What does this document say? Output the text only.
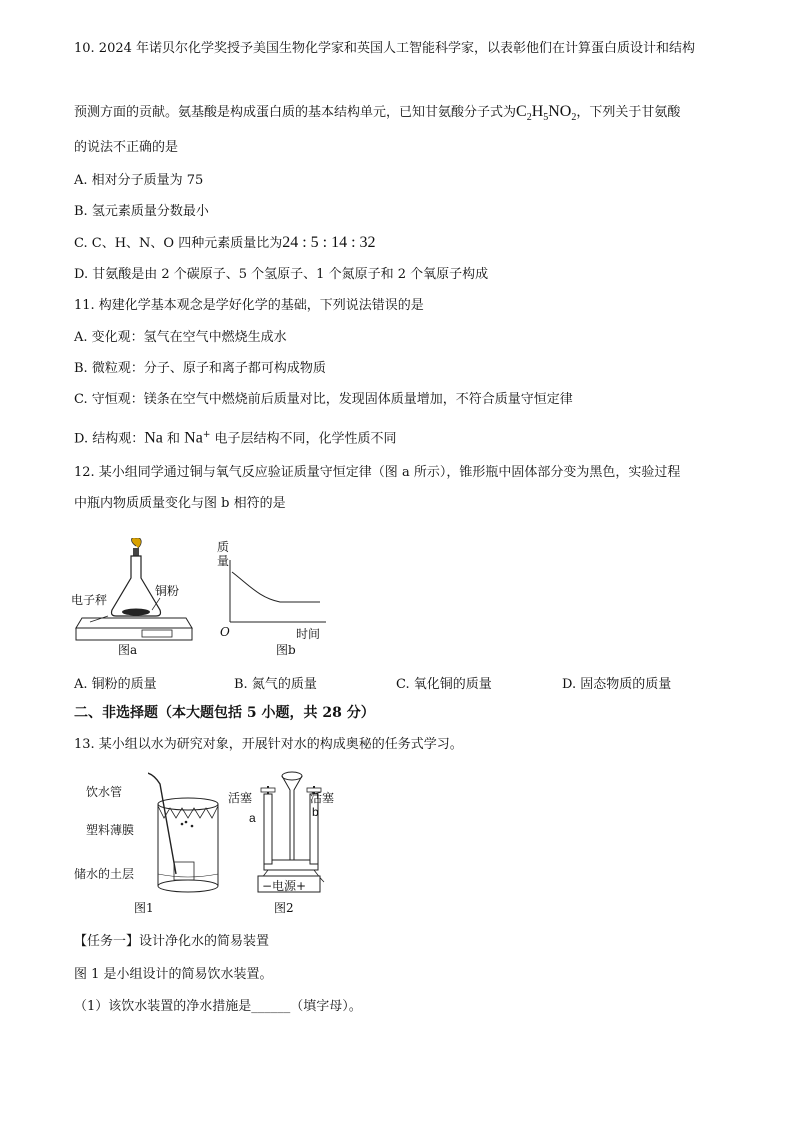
10. 2024 年诺贝尔化学奖授予美国生物化学家和英国人工智能科学家，以表彰他们在计算蛋白质设计和结构
预测方面的贡献。氨基酸是构成蛋白质的基本结构单元，已知甘氨酸分子式为$C_2H_5NO_2$，下列关于甘氨酸
的说法不正确的是
A. 相对分子质量为 75
B. 氢元素质量分数最小
C. C、H、N、O 四种元素质量比为24 : 5 : 14 : 32
D. 甘氨酸是由 2 个碳原子、5 个氢原子、1 个氮原子和 2 个氧原子构成
11. 构建化学基本观念是学好化学的基础，下列说法错误的是
A. 变化观：氢气在空气中燃烧生成水
B. 微粒观：分子、原子和离子都可构成物质
C. 守恒观：镁条在空气中燃烧前后质量对比，发现固体质量增加，不符合质量守恒定律
D. 结构观：Na 和 Na+ 电子层结构不同，化学性质不同
12. 某小组同学通过铜与氧气反应验证质量守恒定律（图 a 所示），锥形瓶中固体部分变为黑色，实验过程
中瓶内物质质量变化与图 b 相符的是
电子秤
铜粉
图a
质
量
O	时间
图b
A. 铜粉的质量	B. 氮气的质量	C. 氧化铜的质量	D. 固态物质的质量
二、非选择题（本大题包括 5 小题，共 28 分）
13. 某小组以水为研究对象，开展针对水的构成奥秘的任务式学习。
饮水管
塑料薄膜
储水的土层
图1
活塞	活塞
a	b
−电源+
图2
【任务一】设计净化水的简易装置
图 1 是小组设计的简易饮水装置。
（1）该饮水装置的净水措施是______（填字母）。
